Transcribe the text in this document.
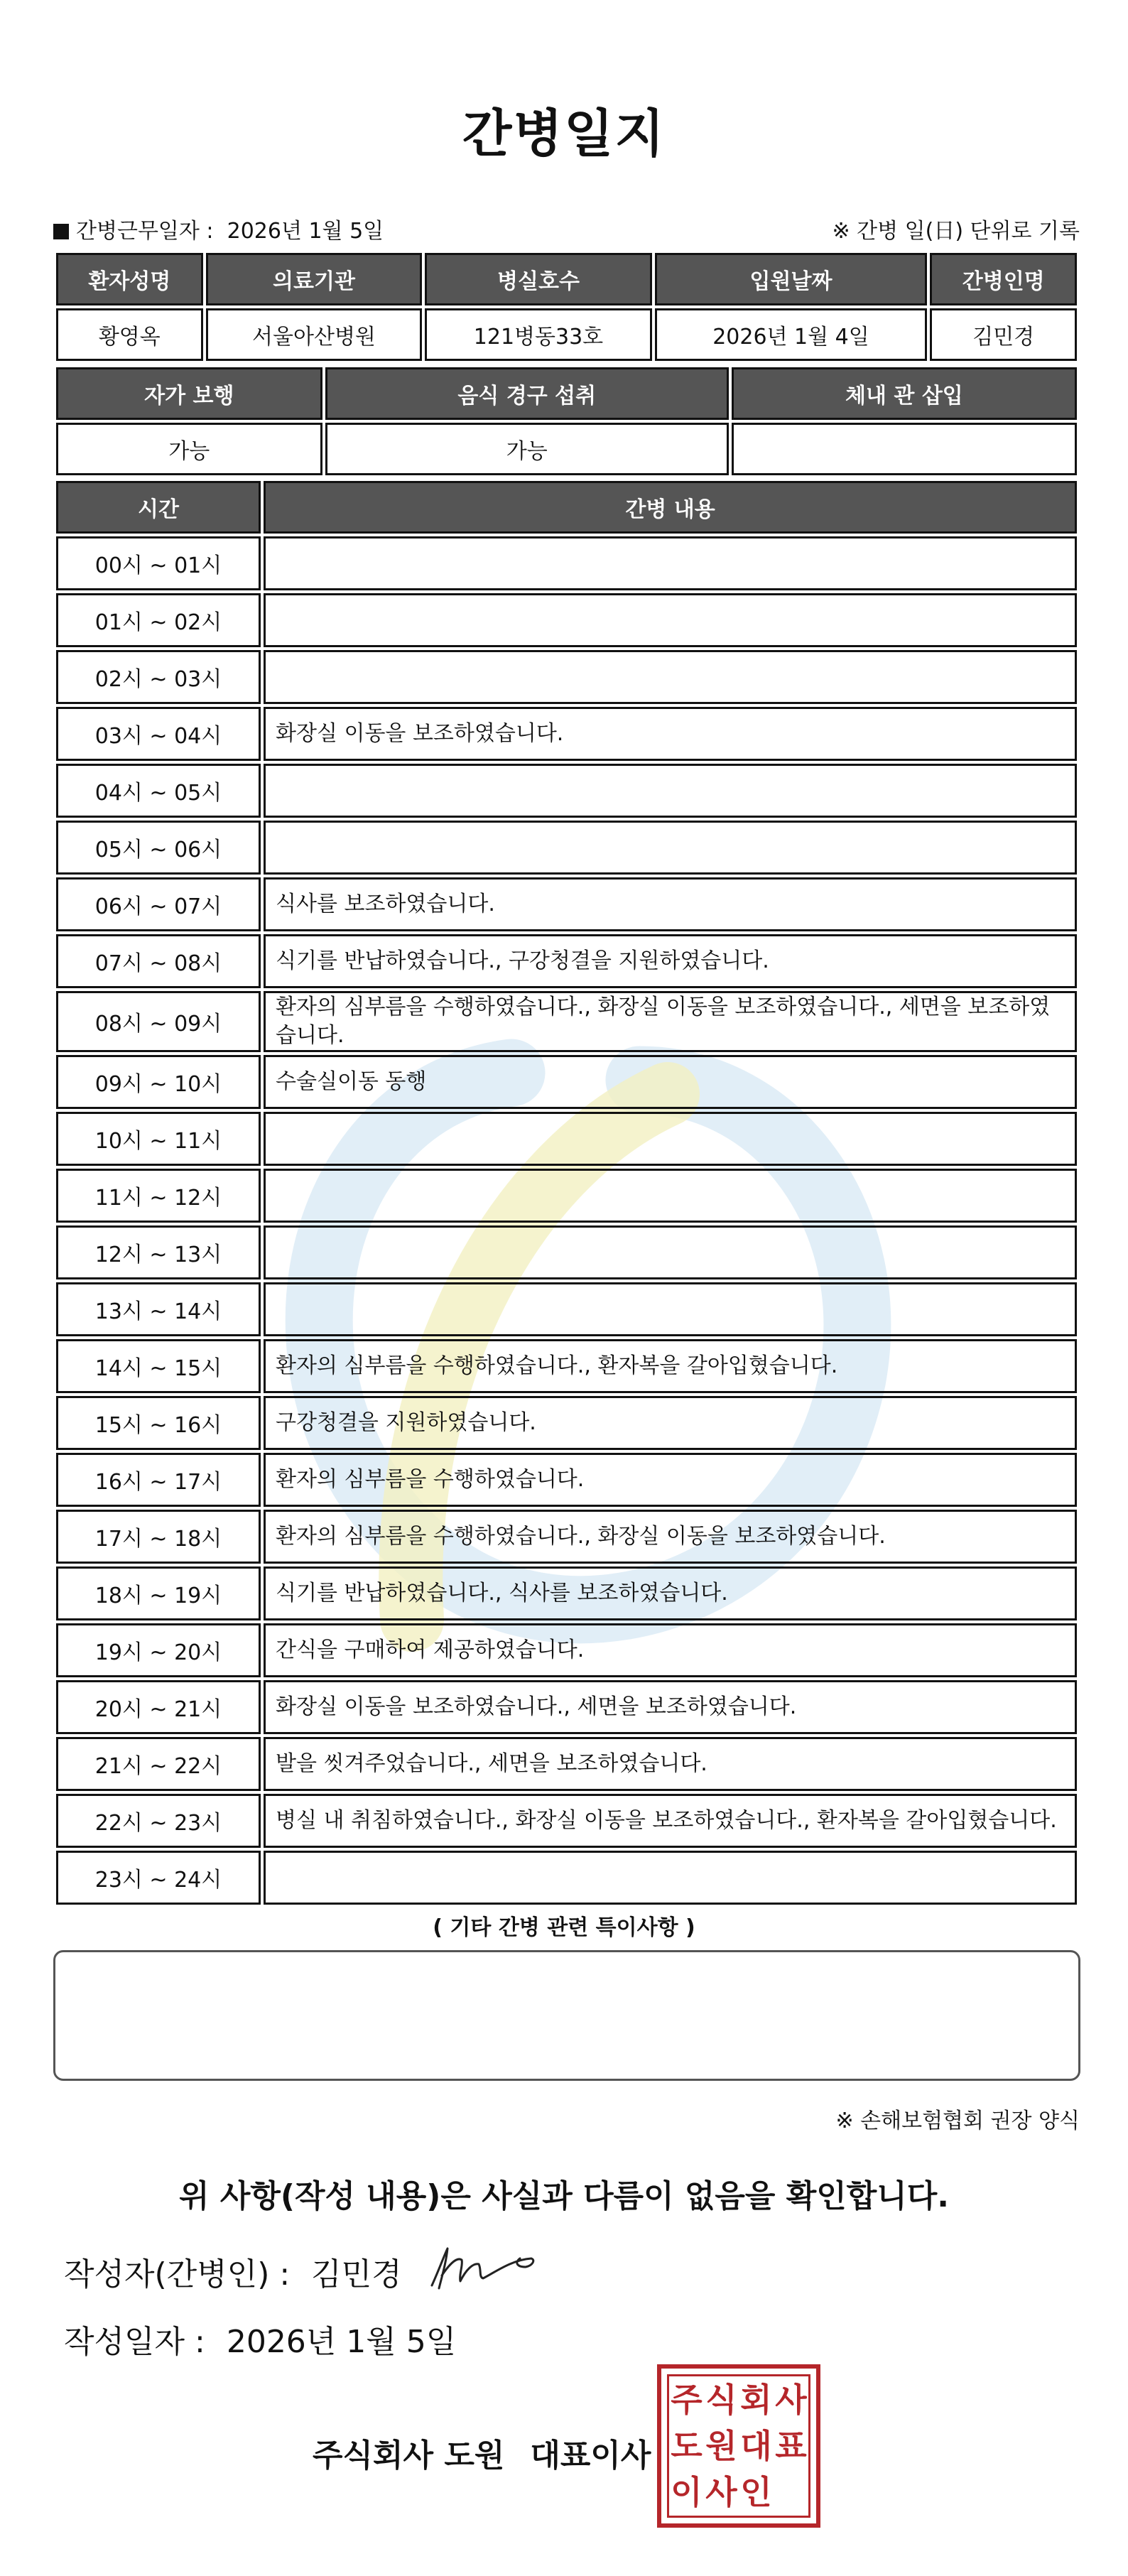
간병일지
간병근무일자 : 2026년 1월 5일	※ 간병 일(日) 단위로 기록
환자성명	의료기관	병실호수	입원날짜	간병인명
황영옥	서울아산병원	121병동33호	2026년 1월 4일	김민경
자가 보행	음식 경구 섭취	체내 관 삽입
가능	가능	
시간	간병 내용
00시 ~ 01시	
01시 ~ 02시	
02시 ~ 03시	
03시 ~ 04시	화장실 이동을 보조하였습니다.
04시 ~ 05시	
05시 ~ 06시	
06시 ~ 07시	식사를 보조하였습니다.
07시 ~ 08시	식기를 반납하였습니다., 구강청결을 지원하였습니다.
08시 ~ 09시	환자의 심부름을 수행하였습니다., 화장실 이동을 보조하였습니다., 세면을 보조하였습니다.
09시 ~ 10시	수술실이동 동행
10시 ~ 11시	
11시 ~ 12시	
12시 ~ 13시	
13시 ~ 14시	
14시 ~ 15시	환자의 심부름을 수행하였습니다., 환자복을 갈아입혔습니다.
15시 ~ 16시	구강청결을 지원하였습니다.
16시 ~ 17시	환자의 심부름을 수행하였습니다.
17시 ~ 18시	환자의 심부름을 수행하였습니다., 화장실 이동을 보조하였습니다.
18시 ~ 19시	식기를 반납하였습니다., 식사를 보조하였습니다.
19시 ~ 20시	간식을 구매하여 제공하였습니다.
20시 ~ 21시	화장실 이동을 보조하였습니다., 세면을 보조하였습니다.
21시 ~ 22시	발을 씻겨주었습니다., 세면을 보조하였습니다.
22시 ~ 23시	병실 내 취침하였습니다., 화장실 이동을 보조하였습니다., 환자복을 갈아입혔습니다.
23시 ~ 24시	
( 기타 간병 관련 특이사항 )
※ 손해보험협회 권장 양식
위 사항(작성 내용)은 사실과 다름이 없음을 확인합니다.
작성자(간병인) : 김민경
작성일자 : 2026년 1월 5일
주식회사 도원 대표이사
주 식 회 사
도 원 대 표
이 사 인
